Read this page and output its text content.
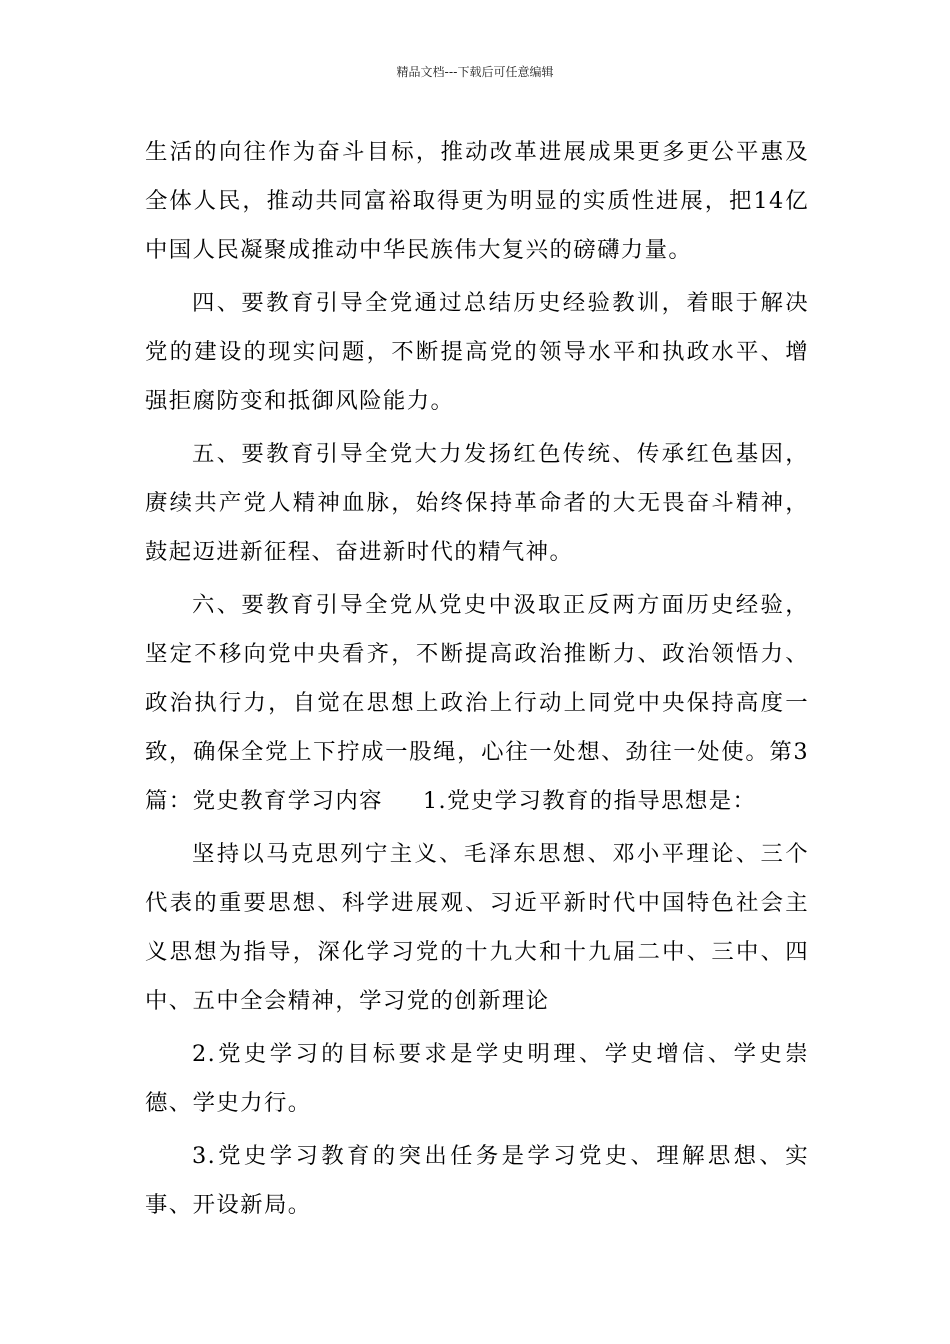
精品文档---下载后可任意编辑

生活的向往作为奋斗目标，推动改革进展成果更多更公平惠及全体人民，推动共同富裕取得更为明显的实质性进展，把14亿中国人民凝聚成推动中华民族伟大复兴的磅礴力量。

四、要教育引导全党通过总结历史经验教训，着眼于解决党的建设的现实问题，不断提高党的领导水平和执政水平、增强拒腐防变和抵御风险能力。

五、要教育引导全党大力发扬红色传统、传承红色基因，赓续共产党人精神血脉，始终保持革命者的大无畏奋斗精神，鼓起迈进新征程、奋进新时代的精气神。

六、要教育引导全党从党史中汲取正反两方面历史经验，坚定不移向党中央看齐，不断提高政治推断力、政治领悟力、政治执行力，自觉在思想上政治上行动上同党中央保持高度一致，确保全党上下拧成一股绳，心往一处想、劲往一处使。第3篇：党史教育学习内容 1.党史学习教育的指导思想是：

坚持以马克思列宁主义、毛泽东思想、邓小平理论、三个代表的重要思想、科学进展观、习近平新时代中国特色社会主义思想为指导，深化学习党的十九大和十九届二中、三中、四中、五中全会精神，学习党的创新理论

2.党史学习的目标要求是学史明理、学史增信、学史崇德、学史力行。

3.党史学习教育的突出任务是学习党史、理解思想、实事、开设新局。
